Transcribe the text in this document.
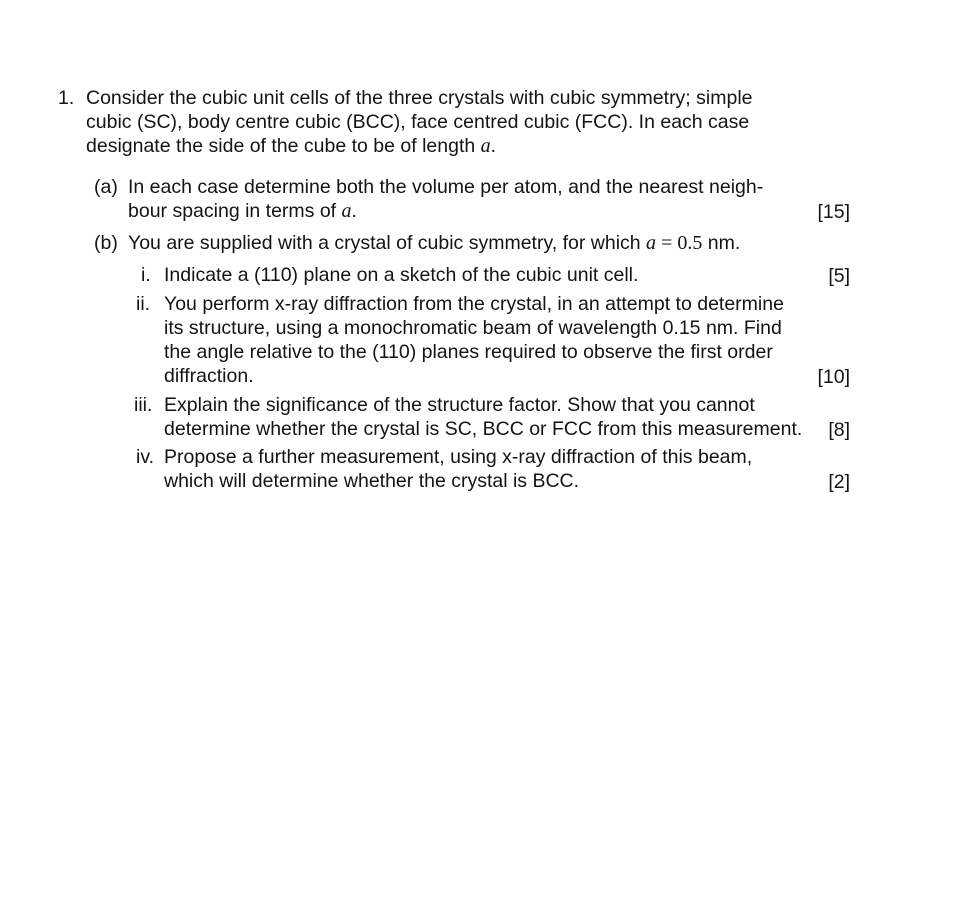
1. Consider the cubic unit cells of the three crystals with cubic symmetry; simple
cubic (SC), body centre cubic (BCC), face centred cubic (FCC). In each case
designate the side of the cube to be of length a.
(a) In each case determine both the volume per atom, and the nearest neigh-
bour spacing in terms of a.	[15]
(b) You are supplied with a crystal of cubic symmetry, for which a = 0.5 nm.
i. Indicate a (110) plane on a sketch of the cubic unit cell.	[5]
ii. You perform x-ray diffraction from the crystal, in an attempt to determine
its structure, using a monochromatic beam of wavelength 0.15 nm. Find
the angle relative to the (110) planes required to observe the first order
diffraction.	[10]
iii. Explain the significance of the structure factor. Show that you cannot
determine whether the crystal is SC, BCC or FCC from this measurement.	[8]
iv. Propose a further measurement, using x-ray diffraction of this beam,
which will determine whether the crystal is BCC.	[2]
